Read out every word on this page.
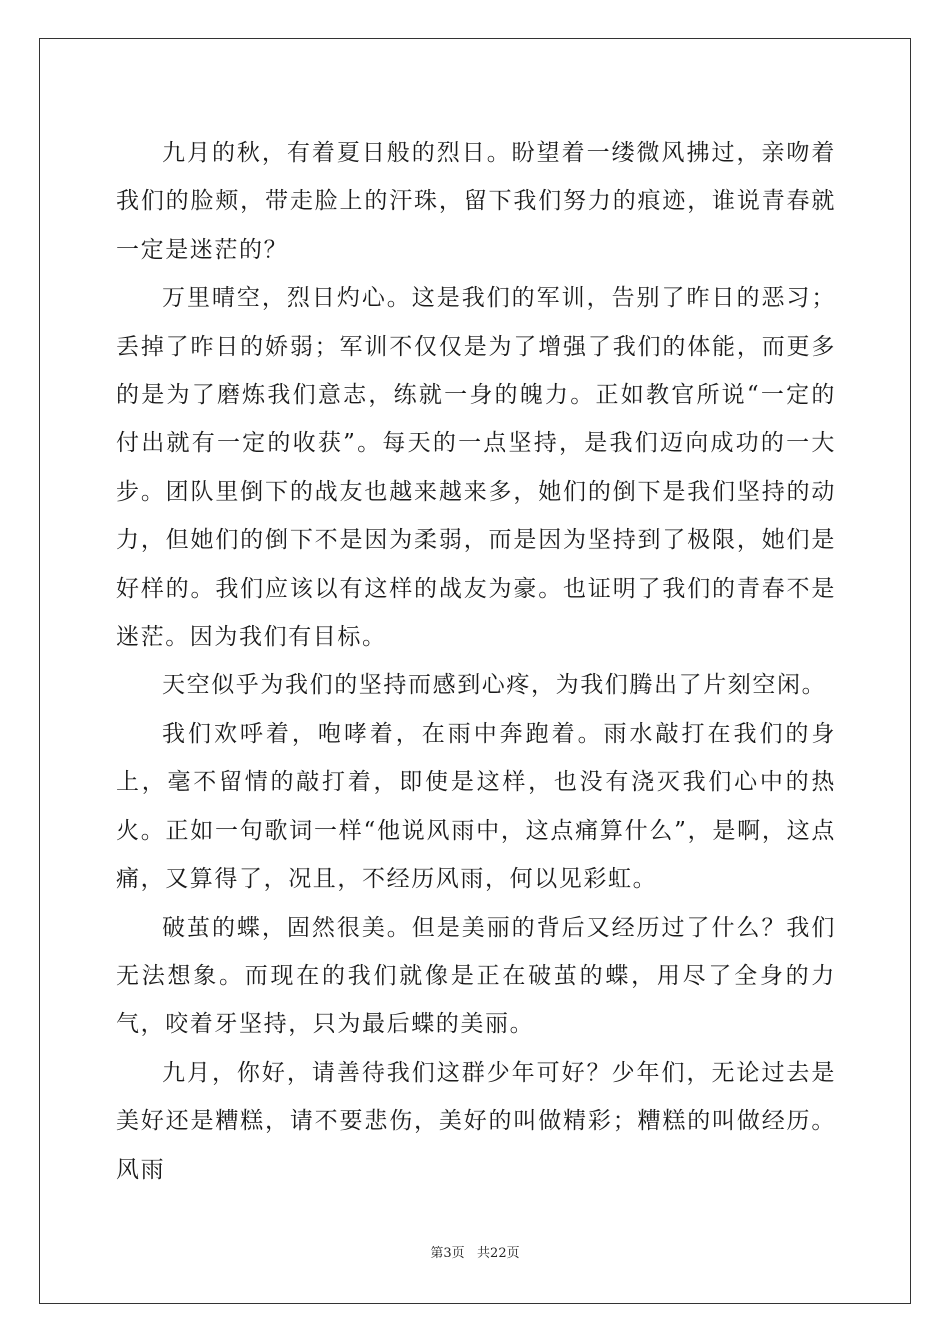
九月的秋，有着夏日般的烈日。盼望着一缕微风拂过，亲吻着我们的脸颊，带走脸上的汗珠，留下我们努力的痕迹，谁说青春就一定是迷茫的？

万里晴空，烈日灼心。这是我们的军训，告别了昨日的恶习；丢掉了昨日的娇弱；军训不仅仅是为了增强了我们的体能，而更多的是为了磨炼我们意志，练就一身的魄力。正如教官所说“一定的付出就有一定的收获”。每天的一点坚持，是我们迈向成功的一大步。团队里倒下的战友也越来越来多，她们的倒下是我们坚持的动力，但她们的倒下不是因为柔弱，而是因为坚持到了极限，她们是好样的。我们应该以有这样的战友为豪。也证明了我们的青春不是迷茫。因为我们有目标。

天空似乎为我们的坚持而感到心疼，为我们腾出了片刻空闲。

我们欢呼着，咆哮着，在雨中奔跑着。雨水敲打在我们的身上，毫不留情的敲打着，即使是这样，也没有浇灭我们心中的热火。正如一句歌词一样“他说风雨中，这点痛算什么”，是啊，这点痛，又算得了，况且，不经历风雨，何以见彩虹。

破茧的蝶，固然很美。但是美丽的背后又经历过了什么？我们无法想象。而现在的我们就像是正在破茧的蝶，用尽了全身的力气，咬着牙坚持，只为最后蝶的美丽。

九月，你好，请善待我们这群少年可好？少年们，无论过去是美好还是糟糕，请不要悲伤，美好的叫做精彩；糟糕的叫做经历。风雨

第3页   共22页
